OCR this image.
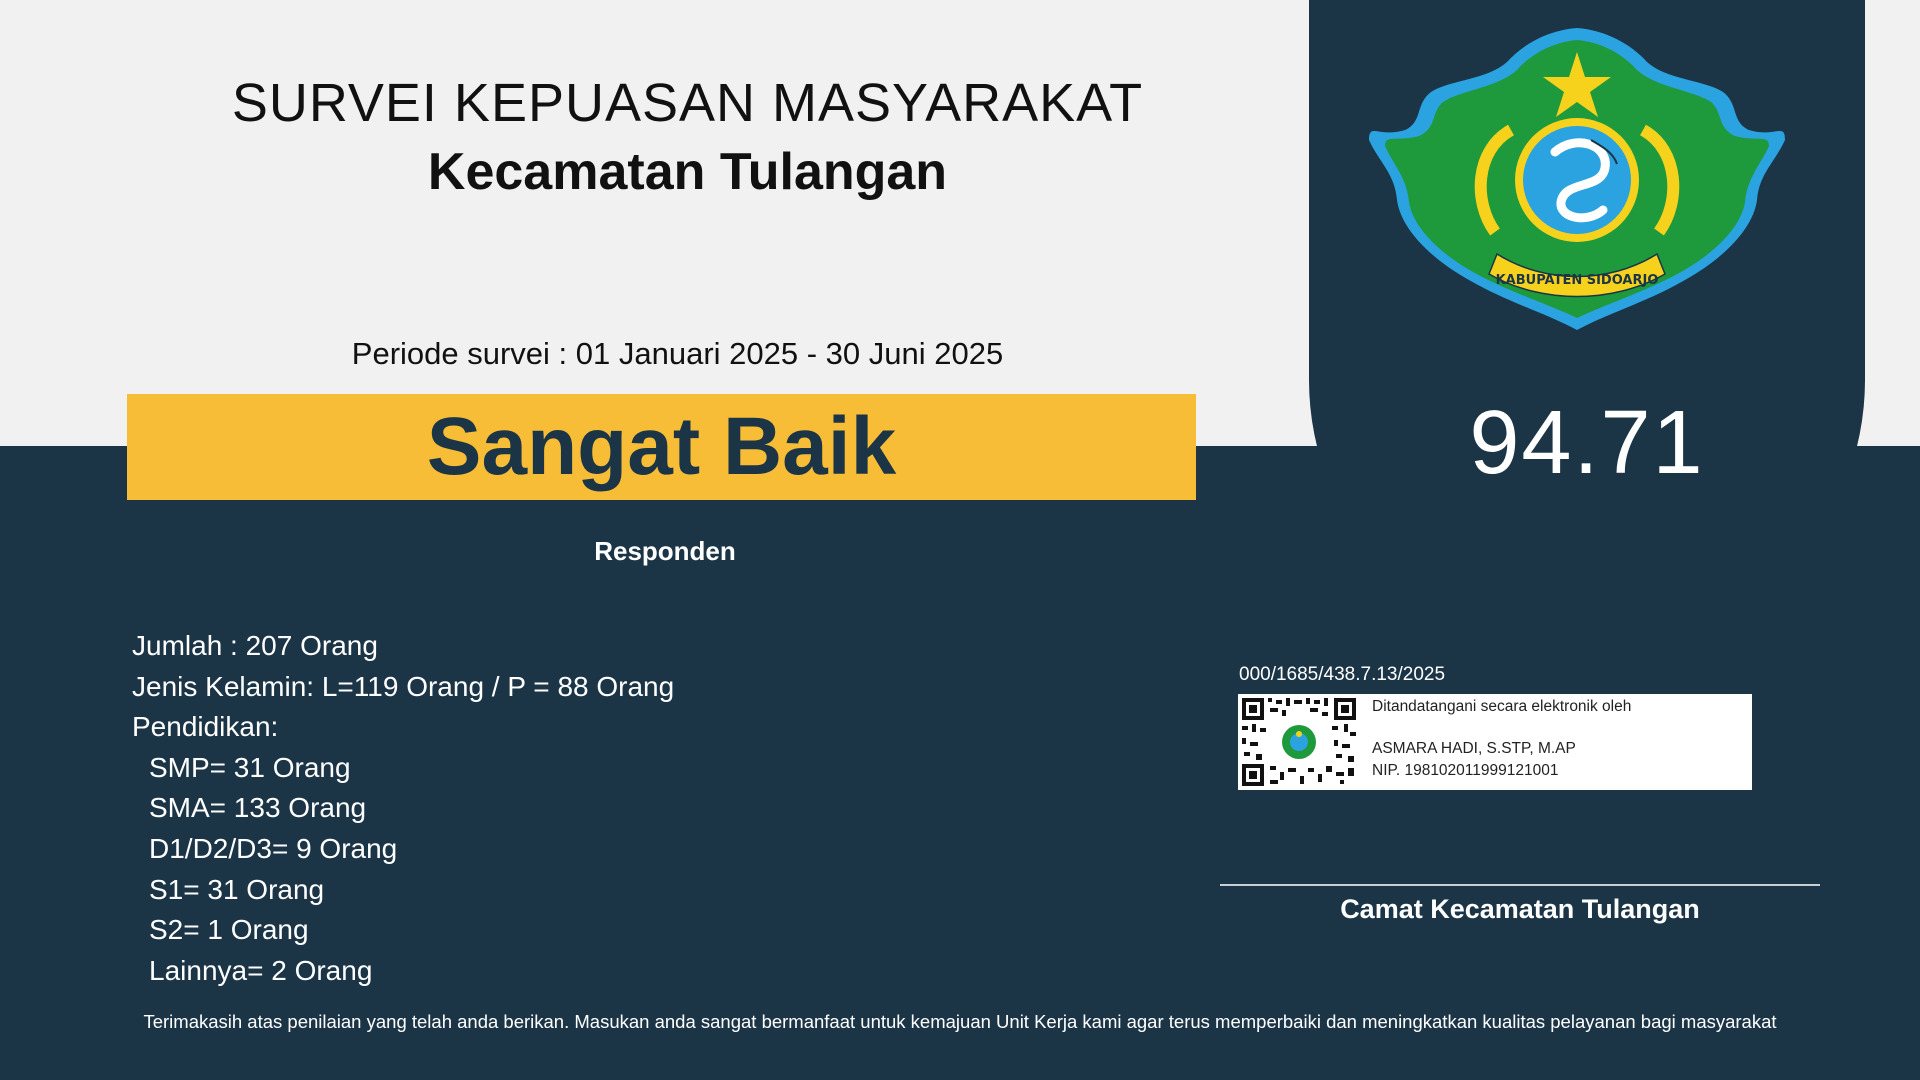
KABUPATEN SIDOARJO
94.71
SURVEI KEPUASAN MASYARAKAT
Kecamatan Tulangan
Periode survei : 01 Januari 2025 - 30 Juni 2025
Sangat Baik
Responden
Jumlah : 207 Orang
Jenis Kelamin: L=119 Orang / P = 88 Orang
Pendidikan:
SMP= 31 Orang
SMA= 133 Orang
D1/D2/D3= 9 Orang
S1= 31 Orang
S2= 1 Orang
Lainnya= 2 Orang
000/1685/438.7.13/2025
Ditandatangani secara elektronik oleh
ASMARA HADI, S.STP, M.AP
NIP. 198102011999121001
Camat Kecamatan Tulangan
Terimakasih atas penilaian yang telah anda berikan. Masukan anda sangat bermanfaat untuk kemajuan Unit Kerja kami agar terus memperbaiki dan meningkatkan kualitas pelayanan bagi masyarakat
